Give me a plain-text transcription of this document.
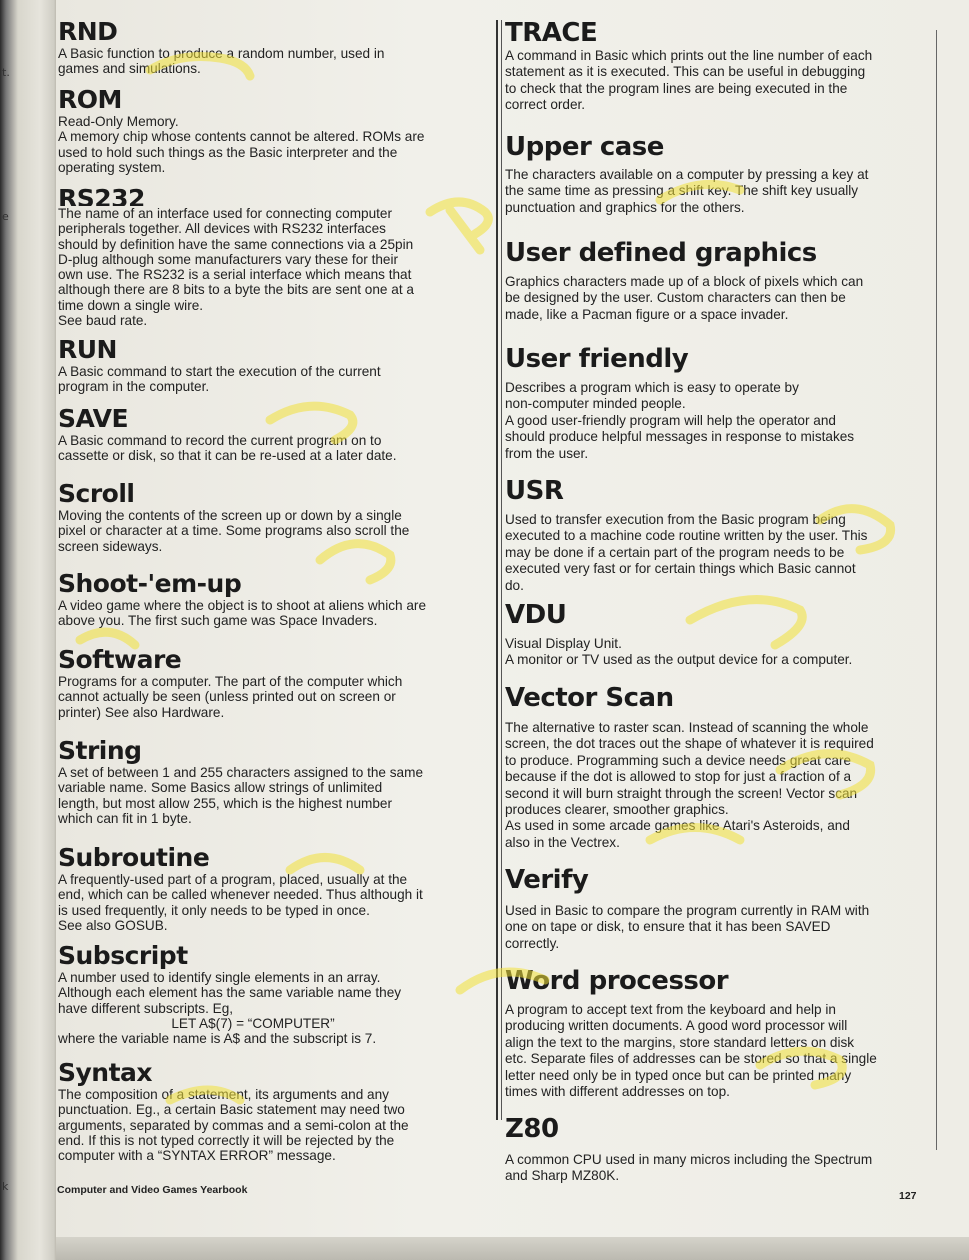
t.
e
k
RND

A Basic function to produce a random number, used in
games and simulations.

ROM

Read-Only Memory.
A memory chip whose contents cannot be altered. ROMs are
used to hold such things as the Basic interpreter and the
operating system.

RS232

The name of an interface used for connecting computer
peripherals together. All devices with RS232 interfaces
should by definition have the same connections via a 25pin
D-plug although some manufacturers vary these for their
own use. The RS232 is a serial interface which means that
although there are 8 bits to a byte the bits are sent one at a
time down a single wire.
See baud rate.

RUN

A Basic command to start the execution of the current
program in the computer.

SAVE

A Basic command to record the current program on to
cassette or disk, so that it can be re-used at a later date.

Scroll

Moving the contents of the screen up or down by a single
pixel or character at a time. Some programs also scroll the
screen sideways.

Shoot-'em-up

A video game where the object is to shoot at aliens which are
above you. The first such game was Space Invaders.

Software

Programs for a computer. The part of the computer which
cannot actually be seen (unless printed out on screen or
printer) See also Hardware.

String

A set of between 1 and 255 characters assigned to the same
variable name. Some Basics allow strings of unlimited
length, but most allow 255, which is the highest number
which can fit in 1 byte.

Subroutine

A frequently-used part of a program, placed, usually at the
end, which can be called whenever needed. Thus although it
is used frequently, it only needs to be typed in once.
See also GOSUB.

Subscript

A number used to identify single elements in an array.
Although each element has the same variable name they
have different subscripts. Eg,

LET A$(7) = “COMPUTER”

where the variable name is A$ and the subscript is 7.

Syntax

The composition of a statement, its arguments and any
punctuation. Eg., a certain Basic statement may need two
arguments, separated by commas and a semi-colon at the
end. If this is not typed correctly it will be rejected by the
computer with a “SYNTAX ERROR” message.

TRACE

A command in Basic which prints out the line number of each
statement as it is executed. This can be useful in debugging
to check that the program lines are being executed in the
correct order.

Upper case

The characters available on a computer by pressing a key at
the same time as pressing a shift key. The shift key usually
punctuation and graphics for the others.

User defined graphics

Graphics characters made up of a block of pixels which can
be designed by the user. Custom characters can then be
made, like a Pacman figure or a space invader.

User friendly

Describes a program which is easy to operate by
non-computer minded people.
A good user-friendly program will help the operator and
should produce helpful messages in response to mistakes
from the user.

USR

Used to transfer execution from the Basic program being
executed to a machine code routine written by the user. This
may be done if a certain part of the program needs to be
executed very fast or for certain things which Basic cannot
do.

VDU

Visual Display Unit.
A monitor or TV used as the output device for a computer.

Vector Scan

The alternative to raster scan. Instead of scanning the whole
screen, the dot traces out the shape of whatever it is required
to produce. Programming such a device needs great care
because if the dot is allowed to stop for just a fraction of a
second it will burn straight through the screen! Vector scan
produces clearer, smoother graphics.
As used in some arcade games like Atari's Asteroids, and
also in the Vectrex.

Verify

Used in Basic to compare the program currently in RAM with
one on tape or disk, to ensure that it has been SAVED
correctly.

Word processor

A program to accept text from the keyboard and help in
producing written documents. A good word processor will
align the text to the margins, store standard letters on disk
etc. Separate files of addresses can be stored so that a single
letter need only be in typed once but can be printed many
times with different addresses on top.

Z80

A common CPU used in many micros including the Spectrum
and Sharp MZ80K.

Computer and Video Games Yearbook	127
